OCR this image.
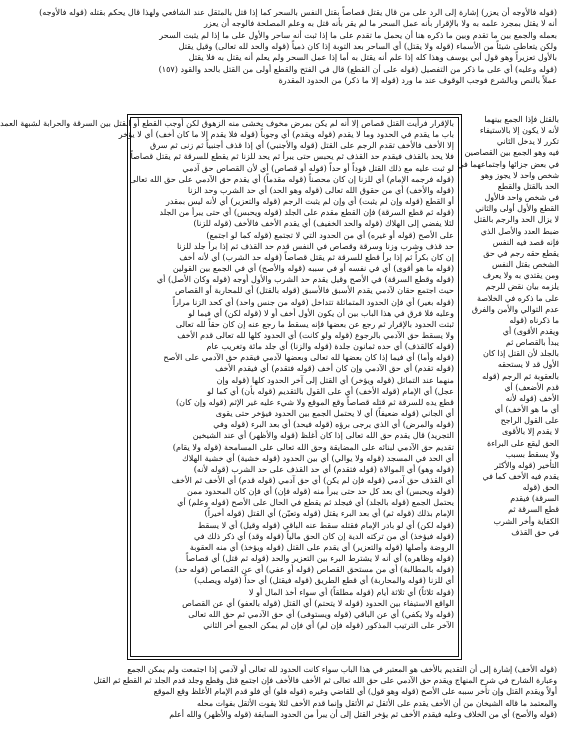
(قوله فالأوجه أن يعزر) إشارة إلى الرد على من قال يقتل قصاصاً بقتل النفس بالسحر كما إذا قتل بالمثقل عند الشافعي ولهذا قال يحكم بقتله (قوله فالأوجه)
أنه لا يقتل بمجرد علمه به ولا بالإقرار بأنه عمل السحر ما لم يقر بأنه قتل به وعلم المصلحة فالوجه أن يعزر
بعمله والجمع بين ما تقدم وبين ما ذكره هنا أن يحمل ما تقدم على ما إذا ثبت أنه ساحر والأول على ما إذا لم يثبت السحر
ولكن يتعاطى شيئاً من الأسماء (قوله ولا يقتل) أي الساحر بعد التوبة إذا كان ذمياً (قوله والحد لله تعالى) وقيل يقتل
بالأول تعزيراً وهو قول أبي يوسف وهذا كله إذا علم أنه يقتل به أما إذا عمل السحر ولم يعلم أنه يقتل به فلا يقتل
(قوله وعليه) أي على ما ذكر من التفصيل (قوله على أن القطع) قال في الفتح والقطع أولى من القتل بالحد والقود (١٥٧)
عملاً بالنص وبالشرع فوجب الوقوف عند ما ورد (قوله إلا ما ذكر) من الحدود المقدرة
بالقتل فإذا الجمع بينهما
لأنه لا يكون إلا بالاستيفاء
تكرر لا يدخل الثاني
فيه وهو الجمع بين القصاصين
في بعض جزائها واجتماعهما في
شخص واحد لا يجوز وهو
الحد بالقتل والقطع
في شخص واحد فالأول
القطع والأول أولى والثاني
لا يزال الحد والرجم بالقتل
ضبط العدد والأصل الذي
فإنه قصد فيه النفس
يقطع حقه رجم في حق
الشخص بقتل النفس
ومن يقتدي به ولا يعرف
يلزمه بيان نقض للرجم
على ما ذكره في الخلاصة
عدم التوالي والأمن والفرق
ما ذكرناه (قوله
ويقدم الأقوى) أي
يبدأ بالقصاص ثم
بالجلد لأن القتل إذا كان
الأول قد لا يستحقه
بالعقوبة ثم الرجم (قوله
قدم الأضعف) أي
الأخف (قوله لأنه
أي ما هو الأخف) أي
على القول الراجح
لا يقدم إلا بالأقوى
الحق ليقع على البراءة
ولا يسقط بسبب
التأخير (قوله والأكثر
يقدم فيه الأخف كما في
الحق (قوله
السرقة) فيقدم
قطع السرقة ثم
الكفاية وأخر الشرب
في حق القذف
بالإقرار فرأيت القتل قصاص إلا أنه لم يكن بمرض مخوف يخشى منه الزهوق لكن أوجب القطع أو القتل بين السرقة والحرابة لشبهة العمد
باب ما يقدم في الحدود وما لا يقدم (قوله ويقدم) أي وجوباً (قوله فلا يقدم إلا ما كان أخف) أي لا يؤخر
إلا الأخف فالأخف تقدم الرجم على القتل (قوله والأجنبي) أي إذا قذف أجنبياً ثم زنى ثم سرق
فلا يحد بالقذف فيقدم حد القذف ثم يحبس حتى يبرأ ثم يحد للزنا ثم يقطع للسرقة ثم يقتل قصاصاً
لو ثبت عليه مع ذلك القتل قوداً أو حداً (قوله أو قصاص) أي لأن القصاص حق آدمي
(قوله فرجمه الإمام) أي للزنا إن كان محصناً (قوله مقدماً) أي يقدم حق الآدمي على حق الله تعالى
(قوله والأخف) أي من حقوق الله تعالى (قوله وهو الحد) أي حد الشرب وحد الزنا
أو القطع (قوله وإن لم يثبت) أي وإن لم يثبت الرجم (قوله والتعزير) أي لأنه ليس بمقدر
(قوله ثم قطع السرقة) فإن القطع مقدم على الجلد (قوله ويحبس) أي حتى يبرأ من الجلد
لئلا يفضي إلى الهلاك (قوله والحد الخفيف) أي يقدم الأخف فالأخف (قوله للزنا)
على الأصح (قوله أو غيره) أي من الحدود التي لا تجتمع (قوله كما لو اجتمع)
حد قذف وشرب وزنا وسرقة وقصاص في النفس قدم حد القذف ثم إذا برأ جلد للزنا
إن كان بكراً ثم إذا برأ قطع للسرقة ثم يقتل قصاصاً (قوله حد الشرب) أي لأنه أخف
(قوله ما هو أقوى) أي في نفسه أو في سببه (قوله والأصح) أي في الجمع بين القولين
(قوله وقطع السرقة) في الأصح وقيل يقدم حد الشرب والأول أوجه (قوله وكان الأصل) أي
حيث اجتمع حقان لآدمي يقدم الأسبق فالأسبق (قوله بالقتل) أي للمحاربة أو القصاص
(قوله بغير) أي فإن الحدود المتماثلة تتداخل (قوله من جنس واحد) أي كحد الزنا مراراً
وعليه فلا فرق في هذا الباب بين أن يكون الأول أخف أو لا (قوله لكن) أي فيما لو
ثبتت الحدود بالإقرار ثم رجع عن بعضها فإنه يسقط ما رجع عنه إن كان حقاً لله تعالى
ولا يسقط حق الآدمي بالرجوع (قوله ولو كانت) أي الحدود كلها لله تعالى قدم الأخف
(قوله كالقذف) أي حده ثمانون جلدة (قوله والزنا) أي جلد مائة وتغريب عام
(قوله وأما) أي فيما إذا كان بعضها لله تعالى وبعضها لآدمي فيقدم حق الآدمي على الأصح
(قوله تقدم) أي حق الآدمي وإن كان أخف (قوله فتقدم) أي فيقدم الأخف
منهما عند التماثل (قوله ويؤخر) أي القتل إلى آخر الحدود كلها (قوله وإن
عجل) أي الإمام (قوله الأخف) أي على القول بالتقديم (قوله بأن) أي كما لو
قطع يده للسرقة ثم قتله قصاصاً وقع الموقع ولا شيء عليه غير الإثم (قوله وإن كان)
أي الجاني (قوله ضعيفاً) أي لا يحتمل الجمع بين الحدود فيؤخر حتى يقوى
(قوله والمرض) أي الذي يرجى برؤه (قوله فيحد) أي بعد البرء (قوله وفي
التجريد) قال يقدم حق الله تعالى إذا كان أغلظ (قوله والأظهر) أي عند الشيخين
تقديم حق الآدمي لبنائه على المضايقة وحق الله تعالى على المسامحة (قوله ولا يقام)
أي الحد في المسجد (قوله ولا يوالي) أي بين الحدود (قوله خشية) أي خشية الهلاك
(قوله وهو) أي الموالاة (قوله فتقدم) أي حد القذف على حد الشرب (قوله لأنه)
أي القذف حق آدمي (قوله فإن لم يكن) أي حق آدمي (قوله قدم) أي الأخف ثم الأخف
(قوله ويحبس) أي بعد كل حد حتى يبرأ منه (قوله فإن) أي فإن كان المحدود ممن
يحتمل الجمع (قوله بالجلد) أي فيجلد ثم يقطع في الحال على الأصح (قوله وعلم) أي
الإمام بذلك (قوله ثم) أي بعد البرء يقتل (قوله وتعيّن) أي القتل (قوله أخيراً)
(قوله لكن) أي لو بادر الإمام فقتله سقط عنه الباقي (قوله وقيل) أي لا يسقط
(قوله فيؤخذ) أي من تركته الدية إن كان الحق مالياً (قوله وقد) أي ذكر ذلك في
الروضة وأصلها (قوله والتعزير) أي يقدم على القتل (قوله ويؤخذ) أي منه العقوبة
(قوله وظاهره) أي أنه لا يشترط البرء بين التعزير والحد (قوله ثم قتل) أي قصاصاً
(قوله بالمطالبة) أي من مستحق القصاص (قوله أو عفي) أي عن القصاص (قوله حد)
أي للزنا (قوله والمحاربة) أي قطع الطريق (قوله فيقتل) أي حداً (قوله ويصلب)
(قوله ثلاثاً) أي ثلاثة أيام (قوله مطلقاً) أي سواء أخذ المال أو لا
الواقع الاستيفاء بين الحدود (قوله لا يتحتم) أي القتل (قوله بالعفو) أي عن القصاص
(قوله ولا يكفي) أي عن الباقي (قوله ويستوفى) أي حق الآدمي ثم حق الله تعالى
الآخر على الترتيب المذكور (قوله فإن لم) أي فإن لم يمكن الجمع أخر الثاني
(قوله الأخف) إشارة إلى أن التقديم بالأخف هو المعتبر في هذا الباب سواء كانت الحدود لله تعالى أو لآدمي إذا اجتمعت ولم يمكن الجمع
وعبارة الشارح في شرح المنهاج ويقدم حق الآدمي على حق الله تعالى ثم الأخف فالأخف فإن اجتمع قتل وقطع وجلد قدم الجلد ثم القطع ثم القتل
أولاً ويقدم القتل وإن تأخر سببه على الأصح (قوله وهو قول) أي للقاضي وغيره (قوله فلو) أي فلو قدم الإمام الأغلظ وقع الموقع
والمعتمد ما قاله الشيخان من أن الأخف يقدم على الأثقل ثم الأثقل وإنما قدم الأخف لئلا يفوت الأثقل بفوات محله
(قوله والأصح) أي من الخلاف وعليه فيقدم الأخف ثم يؤخر القتل إلى أن يبرأ من الحدود السابقة (قوله والأظهر) والله أعلم
